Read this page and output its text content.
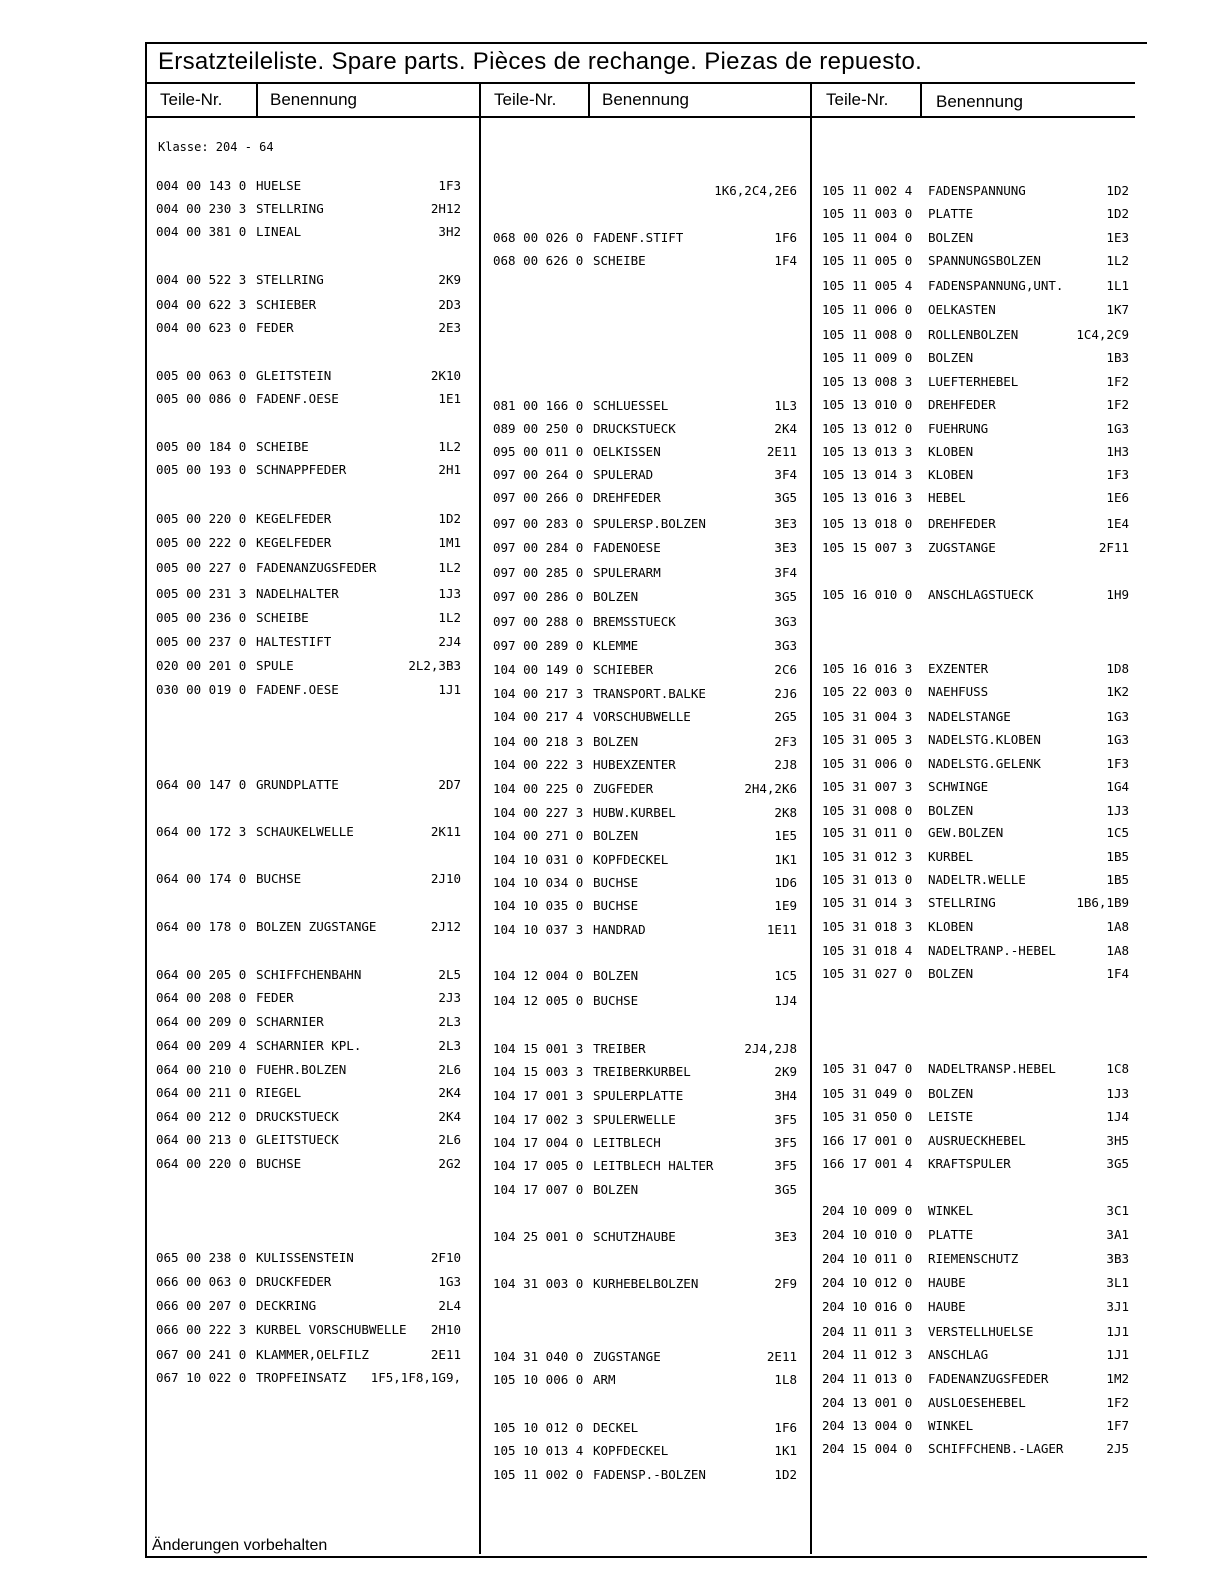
Ersatzteileliste. Spare parts. Pièces de rechange. Piezas de repuesto.
Teile-Nr.	Benennung	Teile-Nr.	Benennung	Teile-Nr.	Benennung
Klasse: 204 - 64
004 00 143 0 HUELSE	1F3
004 00 230 3 STELLRING	2H12
004 00 381 0 LINEAL	3H2
004 00 522 3 STELLRING	2K9
004 00 622 3 SCHIEBER	2D3
004 00 623 0 FEDER	2E3
005 00 063 0 GLEITSTEIN	2K10
005 00 086 0 FADENF.OESE	1E1
005 00 184 0 SCHEIBE	1L2
005 00 193 0 SCHNAPPFEDER	2H1
005 00 220 0 KEGELFEDER	1D2
005 00 222 0 KEGELFEDER	1M1
005 00 227 0 FADENANZUGSFEDER	1L2
005 00 231 3 NADELHALTER	1J3
005 00 236 0 SCHEIBE	1L2
005 00 237 0 HALTESTIFT	2J4
020 00 201 0 SPULE	2L2,3B3
030 00 019 0 FADENF.OESE	1J1
064 00 147 0 GRUNDPLATTE	2D7
064 00 172 3 SCHAUKELWELLE	2K11
064 00 174 0 BUCHSE	2J10
064 00 178 0 BOLZEN ZUGSTANGE	2J12
064 00 205 0 SCHIFFCHENBAHN	2L5
064 00 208 0 FEDER	2J3
064 00 209 0 SCHARNIER	2L3
064 00 209 4 SCHARNIER KPL.	2L3
064 00 210 0 FUEHR.BOLZEN	2L6
064 00 211 0 RIEGEL	2K4
064 00 212 0 DRUCKSTUECK	2K4
064 00 213 0 GLEITSTUECK	2L6
064 00 220 0 BUCHSE	2G2
065 00 238 0 KULISSENSTEIN	2F10
066 00 063 0 DRUCKFEDER	1G3
066 00 207 0 DECKRING	2L4
066 00 222 3 KURBEL VORSCHUBWELLE 2H10
067 00 241 0 KLAMMER,OELFILZ	2E11
067 10 022 0 TROPFEINSATZ 1F5,1F8,1G9,
1K6,2C4,2E6
068 00 026 0 FADENF.STIFT	1F6
068 00 626 0 SCHEIBE	1F4
081 00 166 0 SCHLUESSEL	1L3
089 00 250 0 DRUCKSTUECK	2K4
095 00 011 0 OELKISSEN	2E11
097 00 264 0 SPULERAD	3F4
097 00 266 0 DREHFEDER	3G5
097 00 283 0 SPULERSP.BOLZEN	3E3
097 00 284 0 FADENOESE	3E3
097 00 285 0 SPULERARM	3F4
097 00 286 0 BOLZEN	3G5
097 00 288 0 BREMSSTUECK	3G3
097 00 289 0 KLEMME	3G3
104 00 149 0 SCHIEBER	2C6
104 00 217 3 TRANSPORT.BALKE	2J6
104 00 217 4 VORSCHUBWELLE	2G5
104 00 218 3 BOLZEN	2F3
104 00 222 3 HUBEXZENTER	2J8
104 00 225 0 ZUGFEDER	2H4,2K6
104 00 227 3 HUBW.KURBEL	2K8
104 00 271 0 BOLZEN	1E5
104 10 031 0 KOPFDECKEL	1K1
104 10 034 0 BUCHSE	1D6
104 10 035 0 BUCHSE	1E9
104 10 037 3 HANDRAD	1E11
104 12 004 0 BOLZEN	1C5
104 12 005 0 BUCHSE	1J4
104 15 001 3 TREIBER	2J4,2J8
104 15 003 3 TREIBERKURBEL	2K9
104 17 001 3 SPULERPLATTE	3H4
104 17 002 3 SPULERWELLE	3F5
104 17 004 0 LEITBLECH	3F5
104 17 005 0 LEITBLECH HALTER	3F5
104 17 007 0 BOLZEN	3G5
104 25 001 0 SCHUTZHAUBE	3E3
104 31 003 0 KURHEBELBOLZEN	2F9
104 31 040 0 ZUGSTANGE	2E11
105 10 006 0 ARM	1L8
105 10 012 0 DECKEL	1F6
105 10 013 4 KOPFDECKEL	1K1
105 11 002 0 FADENSP.-BOLZEN	1D2
105 11 002 4 FADENSPANNUNG	1D2
105 11 003 0 PLATTE	1D2
105 11 004 0 BOLZEN	1E3
105 11 005 0 SPANNUNGSBOLZEN	1L2
105 11 005 4 FADENSPANNUNG,UNT.	1L1
105 11 006 0 OELKASTEN	1K7
105 11 008 0 ROLLENBOLZEN	1C4,2C9
105 11 009 0 BOLZEN	1B3
105 13 008 3 LUEFTERHEBEL	1F2
105 13 010 0 DREHFEDER	1F2
105 13 012 0 FUEHRUNG	1G3
105 13 013 3 KLOBEN	1H3
105 13 014 3 KLOBEN	1F3
105 13 016 3 HEBEL	1E6
105 13 018 0 DREHFEDER	1E4
105 15 007 3 ZUGSTANGE	2F11
105 16 010 0 ANSCHLAGSTUECK	1H9
105 16 016 3 EXZENTER	1D8
105 22 003 0 NAEHFUSS	1K2
105 31 004 3 NADELSTANGE	1G3
105 31 005 3 NADELSTG.KLOBEN	1G3
105 31 006 0 NADELSTG.GELENK	1F3
105 31 007 3 SCHWINGE	1G4
105 31 008 0 BOLZEN	1J3
105 31 011 0 GEW.BOLZEN	1C5
105 31 012 3 KURBEL	1B5
105 31 013 0 NADELTR.WELLE	1B5
105 31 014 3 STELLRING	1B6,1B9
105 31 018 3 KLOBEN	1A8
105 31 018 4 NADELTRANP.-HEBEL	1A8
105 31 027 0 BOLZEN	1F4
105 31 047 0 NADELTRANSP.HEBEL	1C8
105 31 049 0 BOLZEN	1J3
105 31 050 0 LEISTE	1J4
166 17 001 0 AUSRUECKHEBEL	3H5
166 17 001 4 KRAFTSPULER	3G5
204 10 009 0 WINKEL	3C1
204 10 010 0 PLATTE	3A1
204 10 011 0 RIEMENSCHUTZ	3B3
204 10 012 0 HAUBE	3L1
204 10 016 0 HAUBE	3J1
204 11 011 3 VERSTELLHUELSE	1J1
204 11 012 3 ANSCHLAG	1J1
204 11 013 0 FADENANZUGSFEDER	1M2
204 13 001 0 AUSLOESEHEBEL	1F2
204 13 004 0 WINKEL	1F7
204 15 004 0 SCHIFFCHENB.-LAGER	2J5
Änderungen vorbehalten
